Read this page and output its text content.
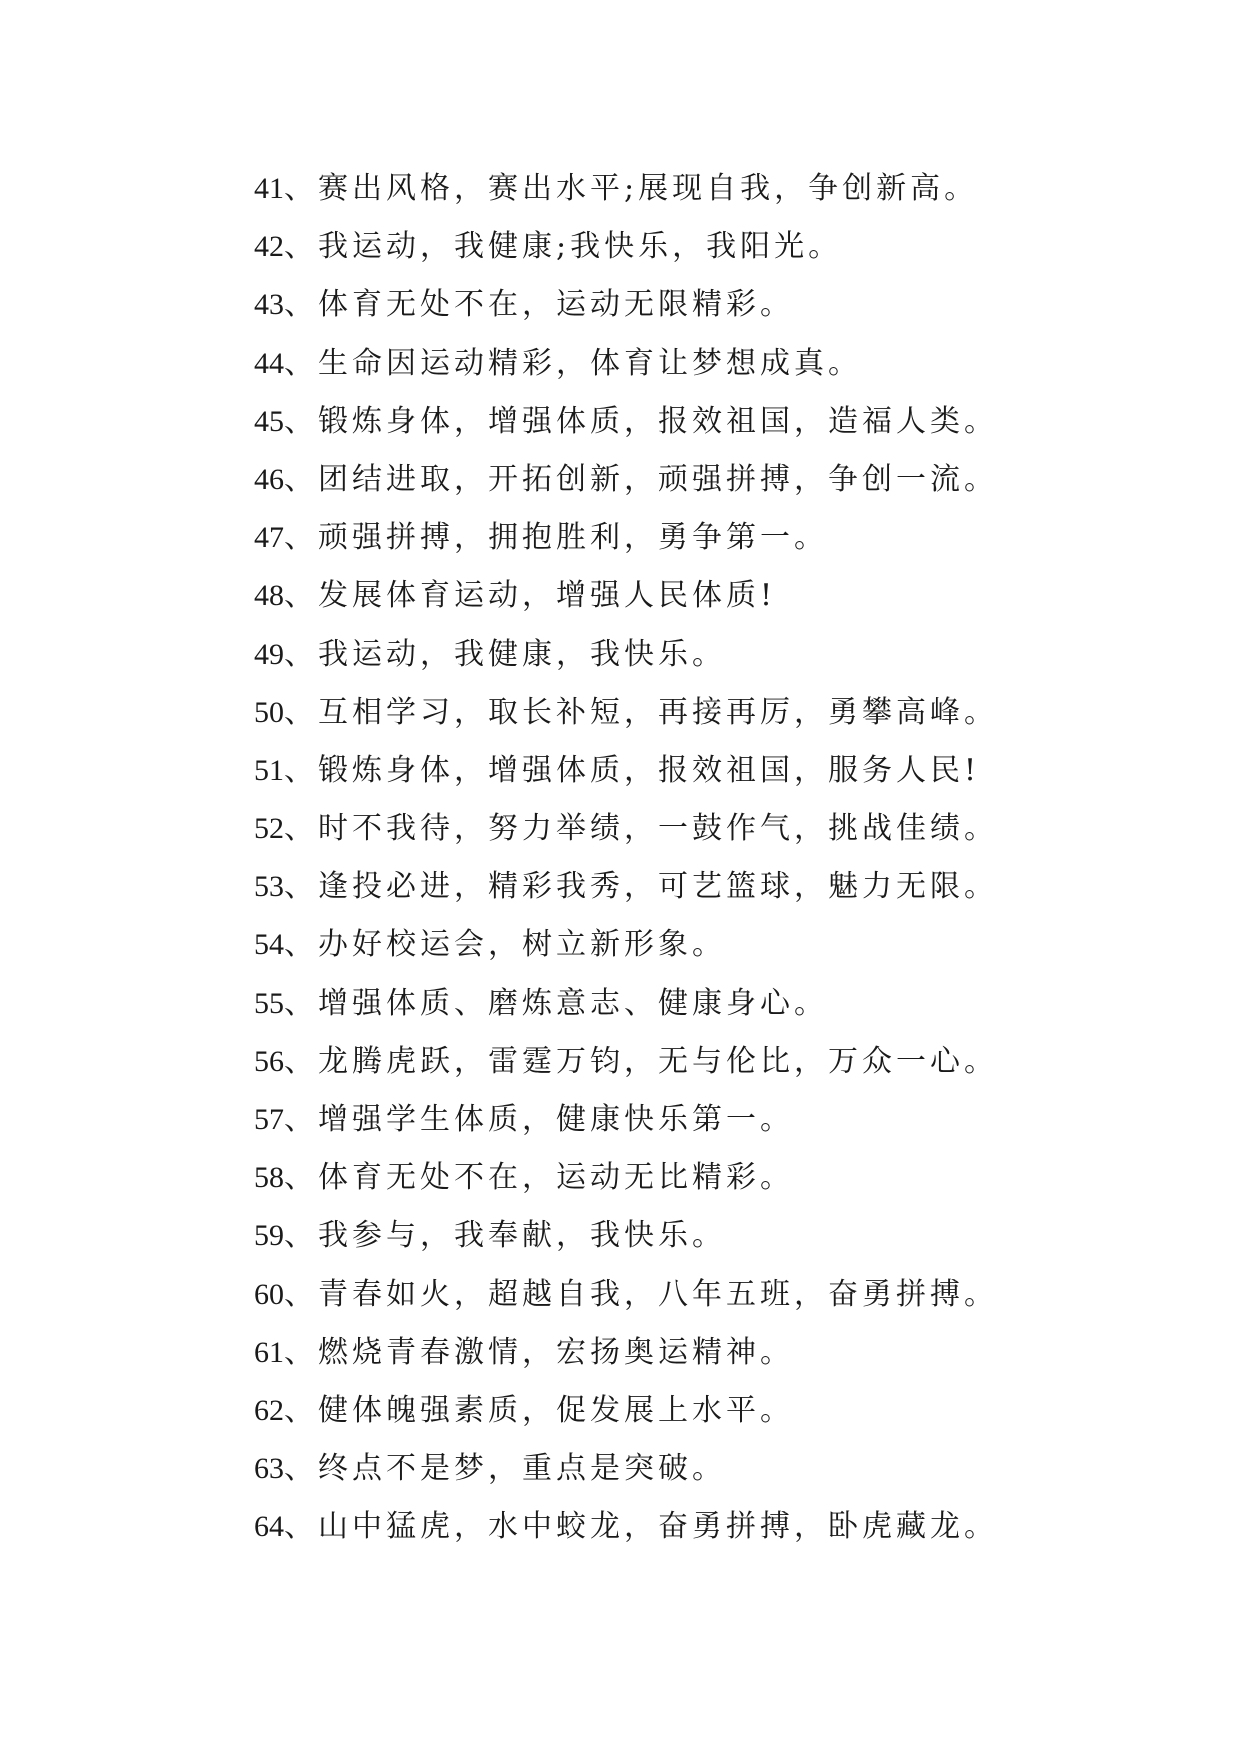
41 、 赛出风格，赛出水平;展现自我，争创新高。
42 、 我运动，我健康;我快乐，我阳光。
43 、 体育无处不在，运动无限精彩。
44 、 生命因运动精彩，体育让梦想成真。
45 、 锻炼身体，增强体质，报效祖国，造福人类。
46 、 团结进取，开拓创新，顽强拼搏，争创一流。
47 、 顽强拼搏，拥抱胜利，勇争第一。
48 、 发展体育运动，增强人民体质!
49 、 我运动，我健康，我快乐。
50 、 互相学习，取长补短，再接再厉，勇攀高峰。
51 、 锻炼身体，增强体质，报效祖国，服务人民!
52 、 时不我待，努力举绩，一鼓作气，挑战佳绩。
53 、 逢投必进，精彩我秀，可艺篮球，魅力无限。
54 、 办好校运会，树立新形象。
55 、 增强体质、磨炼意志、健康身心。
56 、 龙腾虎跃，雷霆万钧，无与伦比，万众一心。
57 、 增强学生体质，健康快乐第一。
58 、 体育无处不在，运动无比精彩。
59 、 我参与，我奉献，我快乐。
60 、 青春如火，超越自我，八年五班，奋勇拼搏。
61 、 燃烧青春激情，宏扬奥运精神。
62 、 健体魄强素质，促发展上水平。
63 、 终点不是梦，重点是突破。
64 、 山中猛虎，水中蛟龙，奋勇拼搏，卧虎藏龙。
